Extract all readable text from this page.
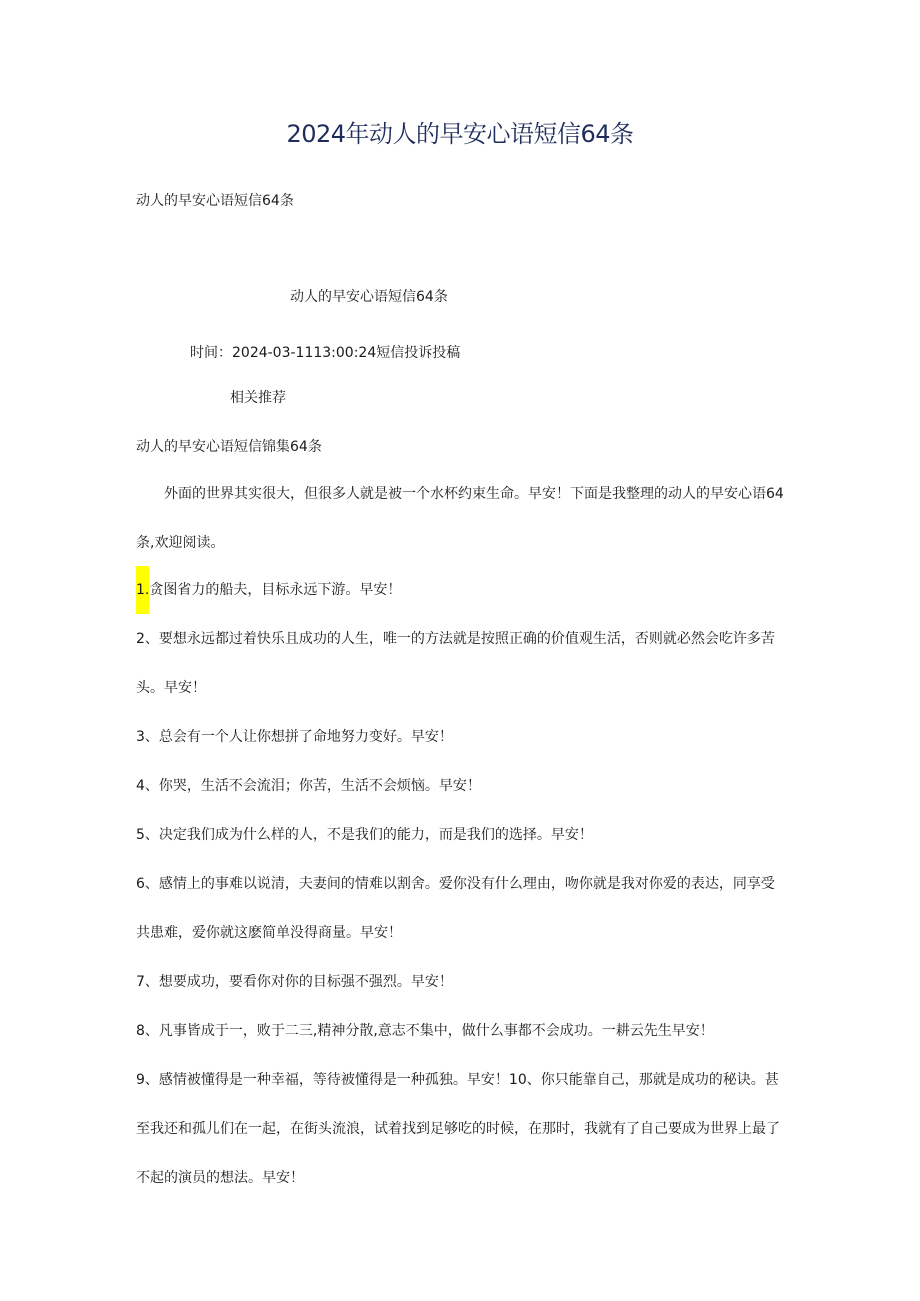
2024年动人的早安心语短信64条

动人的早安心语短信64条

动人的早安心语短信64条

时间：2024-03-1113:00:24短信投诉投稿

相关推荐

动人的早安心语短信锦集64条

外面的世界其实很大，但很多人就是被一个水杯约束生命。早安！下面是我整理的动人的早安心语64条,欢迎阅读。

1.贪图省力的船夫，目标永远下游。早安！

2、要想永远都过着快乐且成功的人生，唯一的方法就是按照正确的价值观生活，否则就必然会吃许多苦头。早安！

3、总会有一个人让你想拼了命地努力变好。早安！

4、你哭，生活不会流泪；你苦，生活不会烦恼。早安！

5、决定我们成为什么样的人，不是我们的能力，而是我们的选择。早安！

6、感情上的事难以说清，夫妻间的情难以割舍。爱你没有什么理由，吻你就是我对你爱的表达，同享受共患难，爱你就这麽简单没得商量。早安！

7、想要成功，要看你对你的目标强不强烈。早安！

8、凡事皆成于一，败于二三,精神分散,意志不集中，做什么事都不会成功。一耕云先生早安！

9、感情被懂得是一种幸福，等待被懂得是一种孤独。早安！10、你只能靠自己，那就是成功的秘诀。甚至我还和孤儿们在一起，在街头流浪，试着找到足够吃的时候，在那时，我就有了自己要成为世界上最了不起的演员的想法。早安！
